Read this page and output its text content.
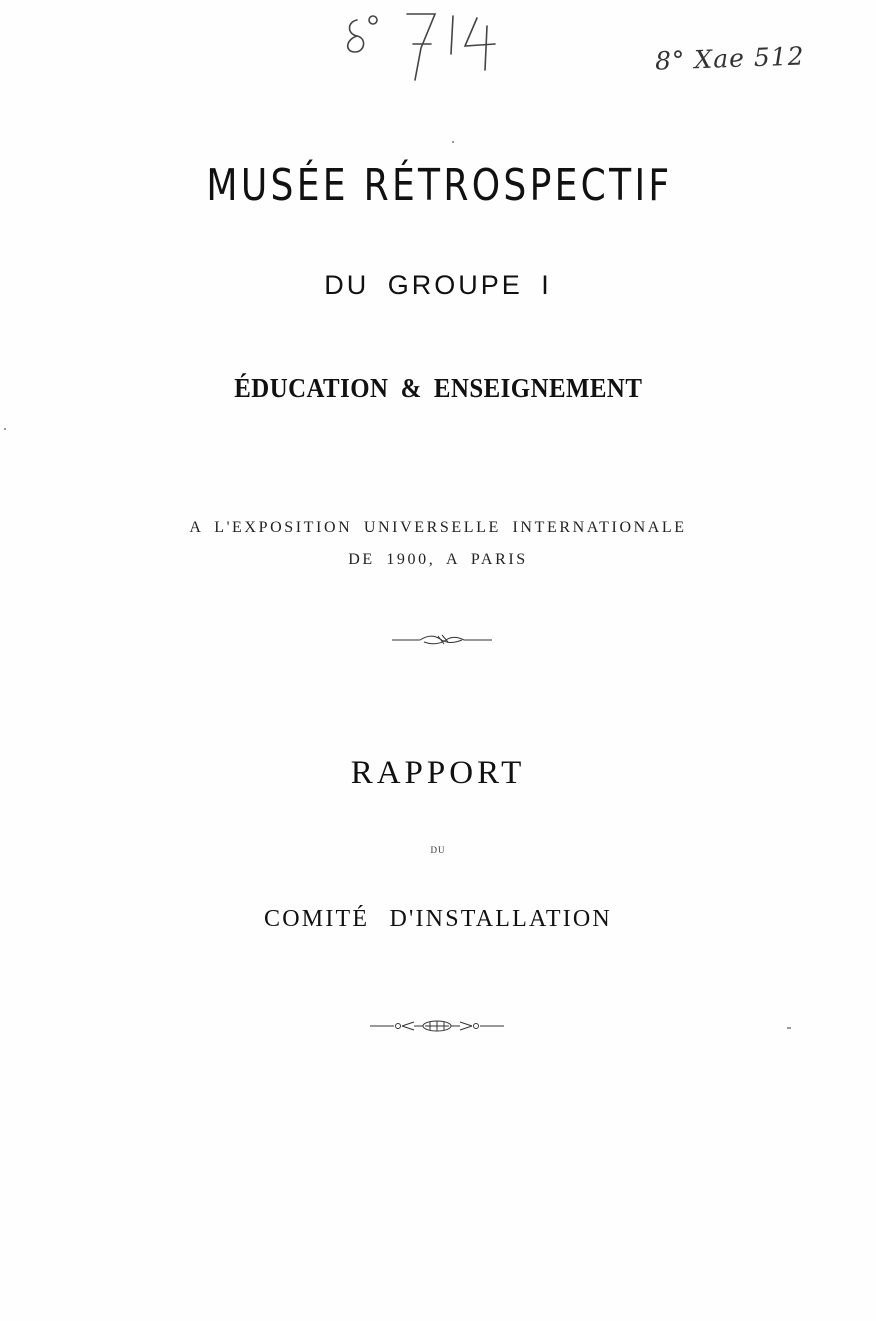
8° Xae 512
MUSÉE RÉTROSPECTIF
DU GROUPE I
ÉDUCATION & ENSEIGNEMENT
A L'EXPOSITION UNIVERSELLE INTERNATIONALE
DE 1900, A PARIS
RAPPORT
DU
COMITÉ D'INSTALLATION
